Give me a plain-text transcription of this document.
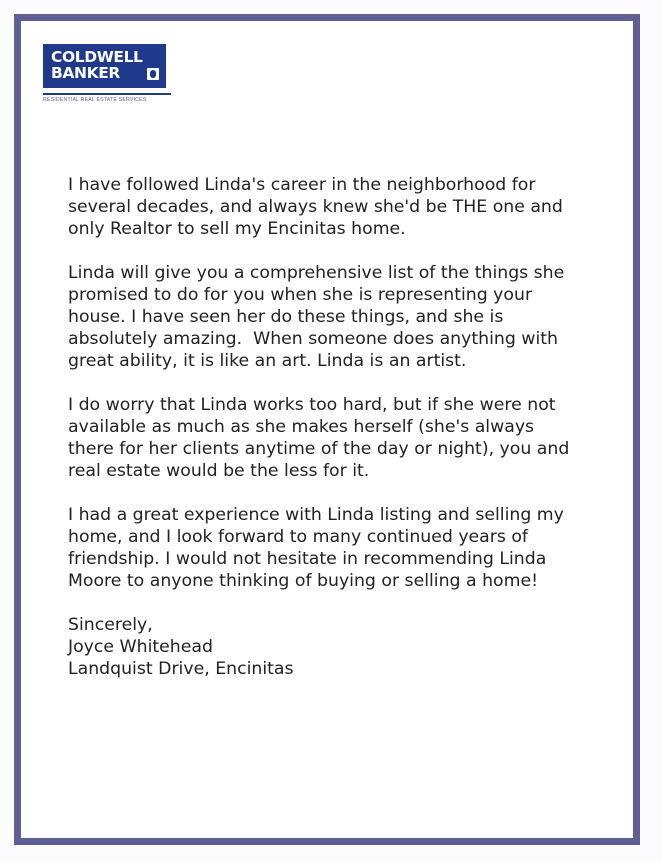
COLDWELL
BANKER
RESIDENTIAL REAL ESTATE SERVICES

I have followed Linda's career in the neighborhood for
several decades, and always knew she'd be THE one and
only Realtor to sell my Encinitas home.

Linda will give you a comprehensive list of the things she
promised to do for you when she is representing your
house. I have seen her do these things, and she is
absolutely amazing.  When someone does anything with
great ability, it is like an art. Linda is an artist.

I do worry that Linda works too hard, but if she were not
available as much as she makes herself (she's always
there for her clients anytime of the day or night), you and
real estate would be the less for it.

I had a great experience with Linda listing and selling my
home, and I look forward to many continued years of
friendship. I would not hesitate in recommending Linda
Moore to anyone thinking of buying or selling a home!

Sincerely,
Joyce Whitehead
Landquist Drive, Encinitas
